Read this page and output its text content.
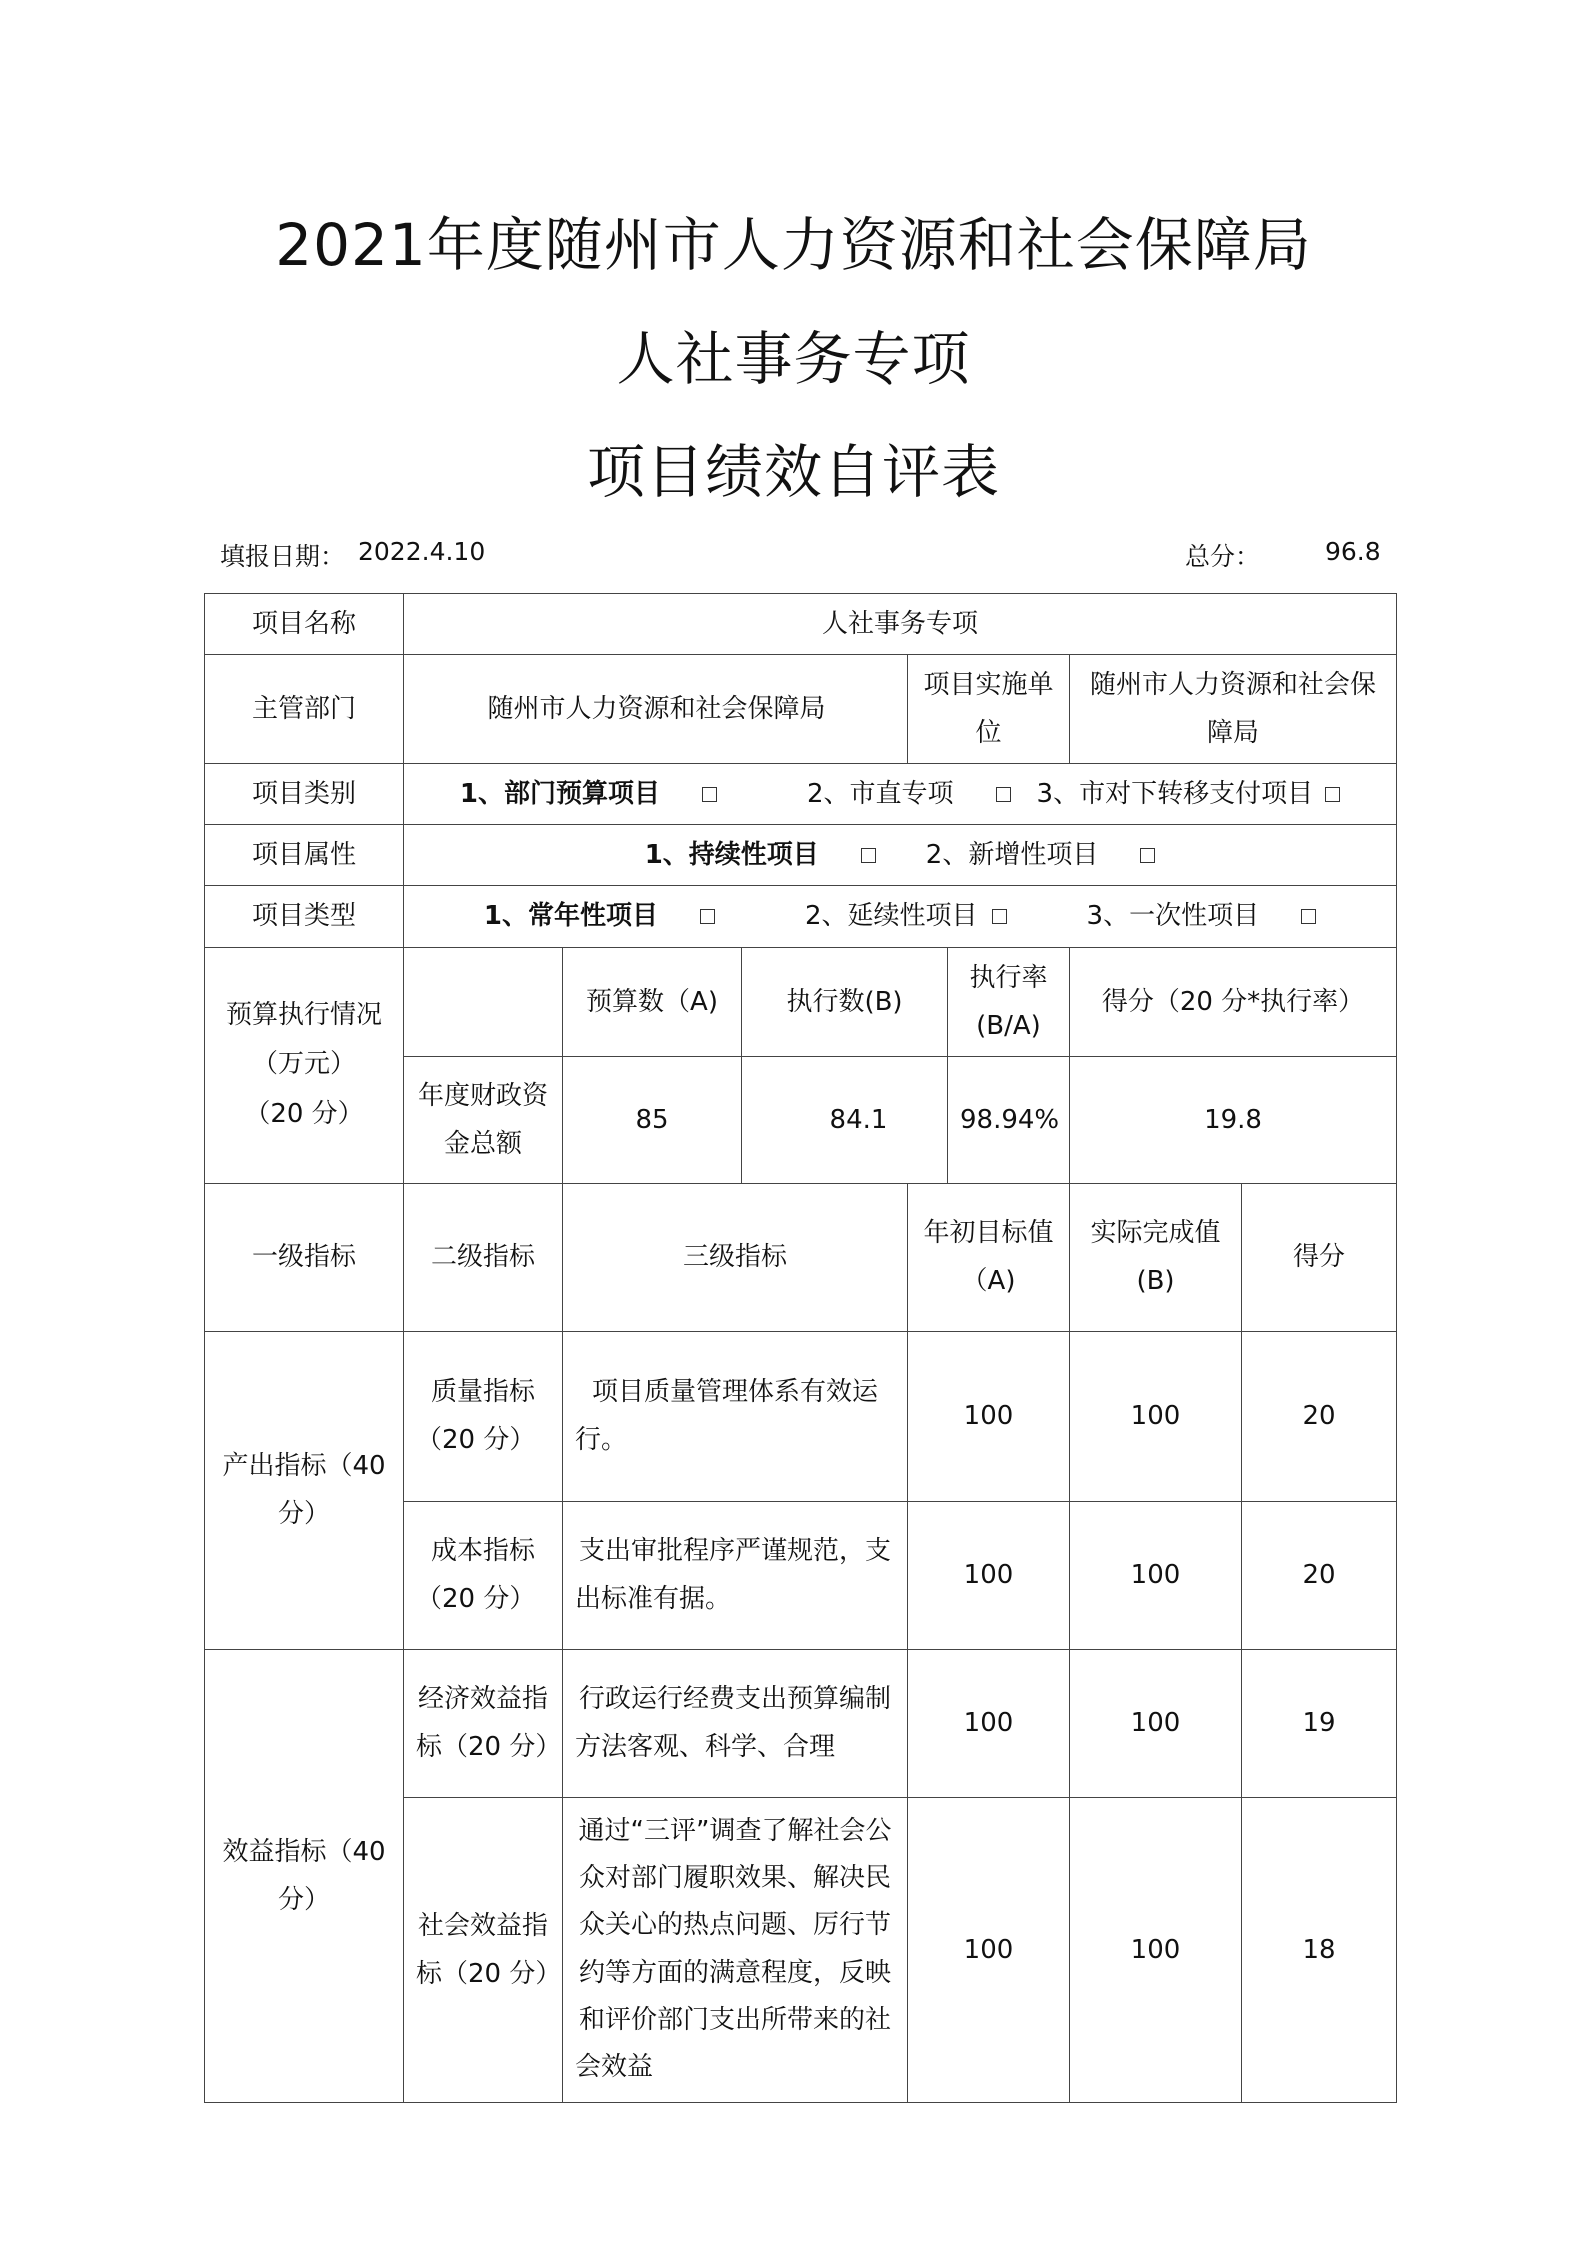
2021年度随州市人力资源和社会保障局
人社事务专项
项目绩效自评表
填报日期： 2022.4.10	总分：	96.8
项目名称	人社事务专项						
主管部门	随州市人力资源和社会保障局			项目实施单位		随州市人力资源和社会保障局	
项目类别	1、部门预算项目 2、市直专项 3、市对下转移支付项目						
项目属性	1、持续性项目 2、新增性项目						
项目类型	1、常年性项目 2、延续性项目 3、一次性项目						

预算执行情况
（万元）
（20 分）		预算数（A)	执行数(B)		执行率(B/A)	得分（20 分*执行率）	
	年度财政资金总额	85	84.1		98.94%	19.8	
一级指标	二级指标	三级指标		年初目标值（A)		实际完成值(B)	得分
产出指标（40 分）	质量指标（20 分）	项目质量管理体系有效运行。		100		100	20
	成本指标（20 分）	支出审批程序严谨规范，支出标准有据。		100		100	20
效益指标（40 分）	经济效益指标（20 分）	行政运行经费支出预算编制方法客观、科学、合理		100		100	19
	社会效益指标（20 分）	通过“三评”调查了解社会公众对部门履职效果、解决民众关心的热点问题、厉行节约等方面的满意程度，反映和评价部门支出所带来的社会效益		100		100	18
